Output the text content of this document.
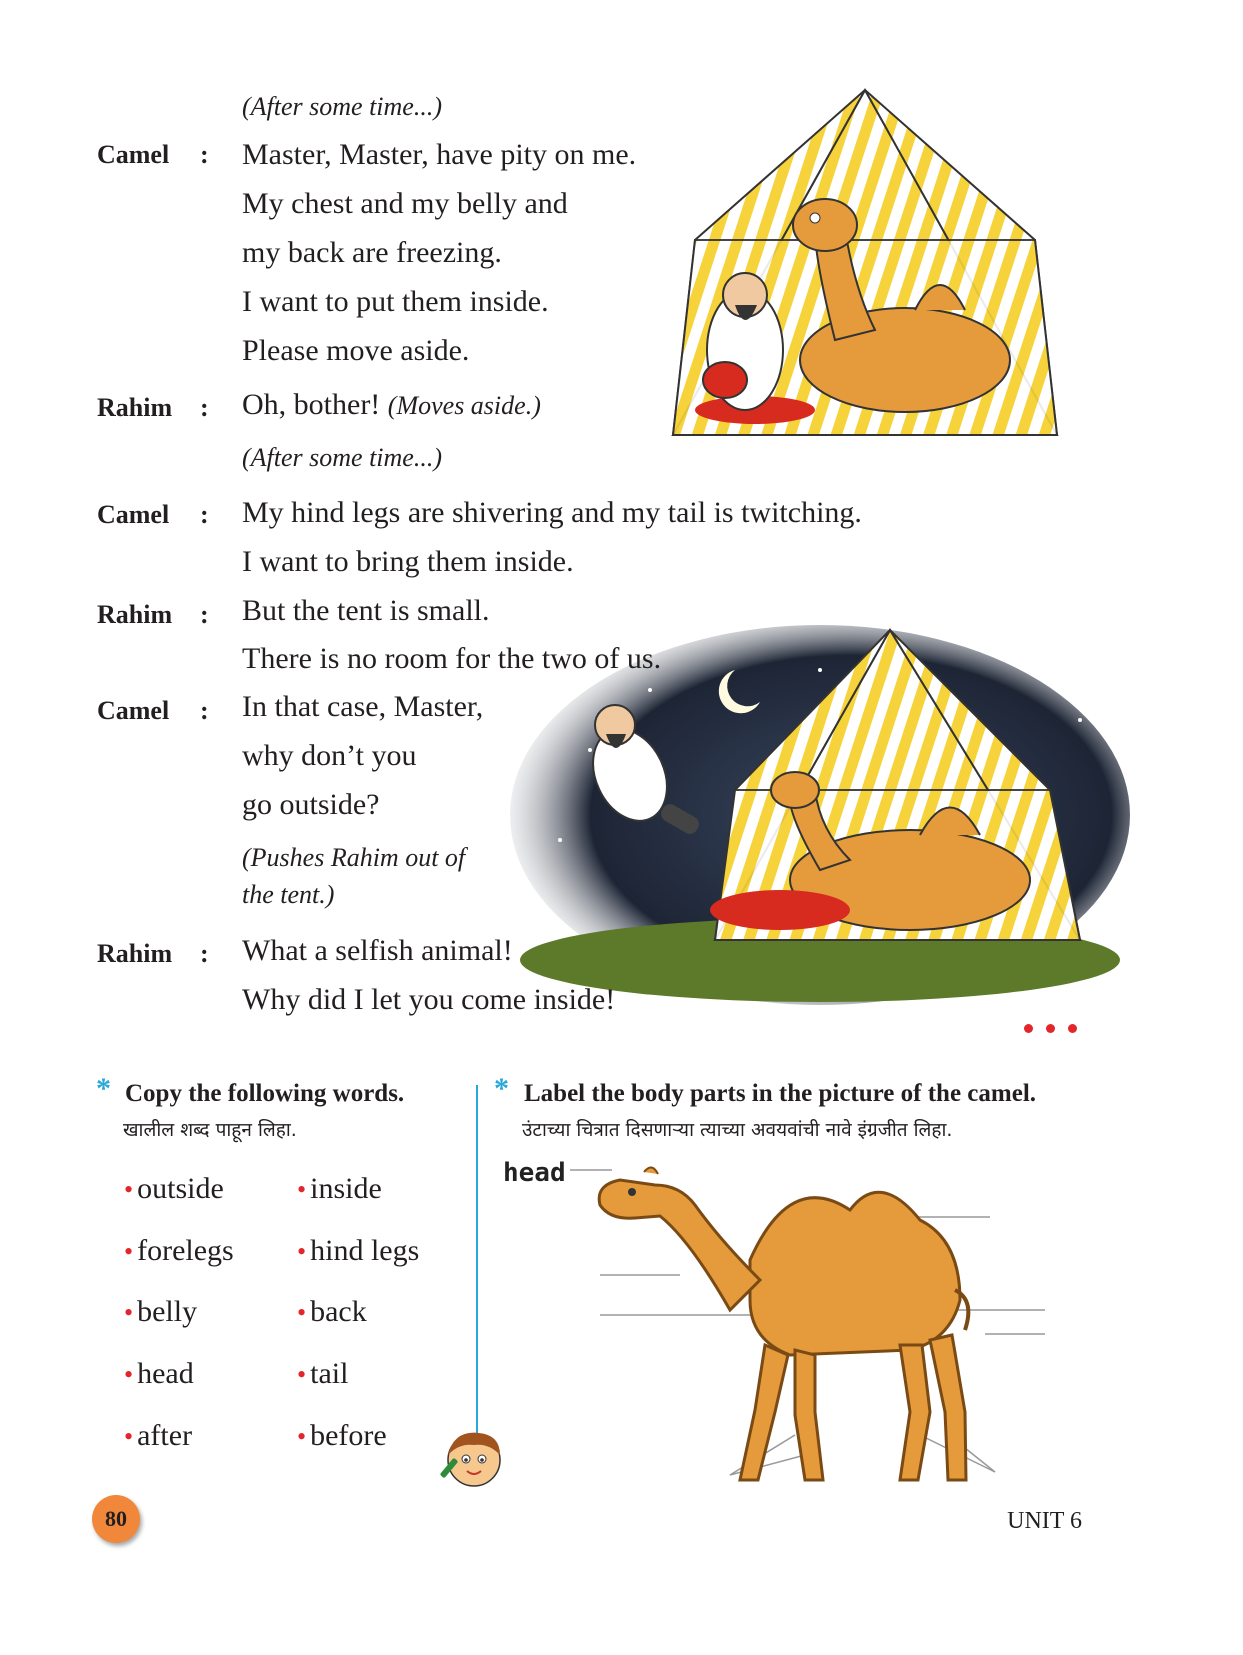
(After some time...)
Camel	: Master, Master, have pity on me.
My chest and my belly and
my back are freezing.
I want to put them inside.
Please move aside.
Rahim	: Oh, bother! (Moves aside.)
(After some time...)
Camel	: My hind legs are shivering and my tail is twitching.
I want to bring them inside.
Rahim	: But the tent is small.
There is no room for the two of us.
Camel	: In that case, Master,
why don’t you
go outside?
(Pushes Rahim out of
the tent.)
Rahim	: What a selfish animal!
Why did I let you come inside!
* Copy the following words.
खालील शब्द पाहून लिहा.
• outside
• forelegs
• belly
• head
• after
• inside
• hind legs
• back
• tail
• before
* Label the body parts in the picture of the camel.
उंटाच्या चित्रात दिसणाऱ्या त्याच्या अवयवांची नावे इंग्रजीत लिहा.
head
80	UNIT 6
